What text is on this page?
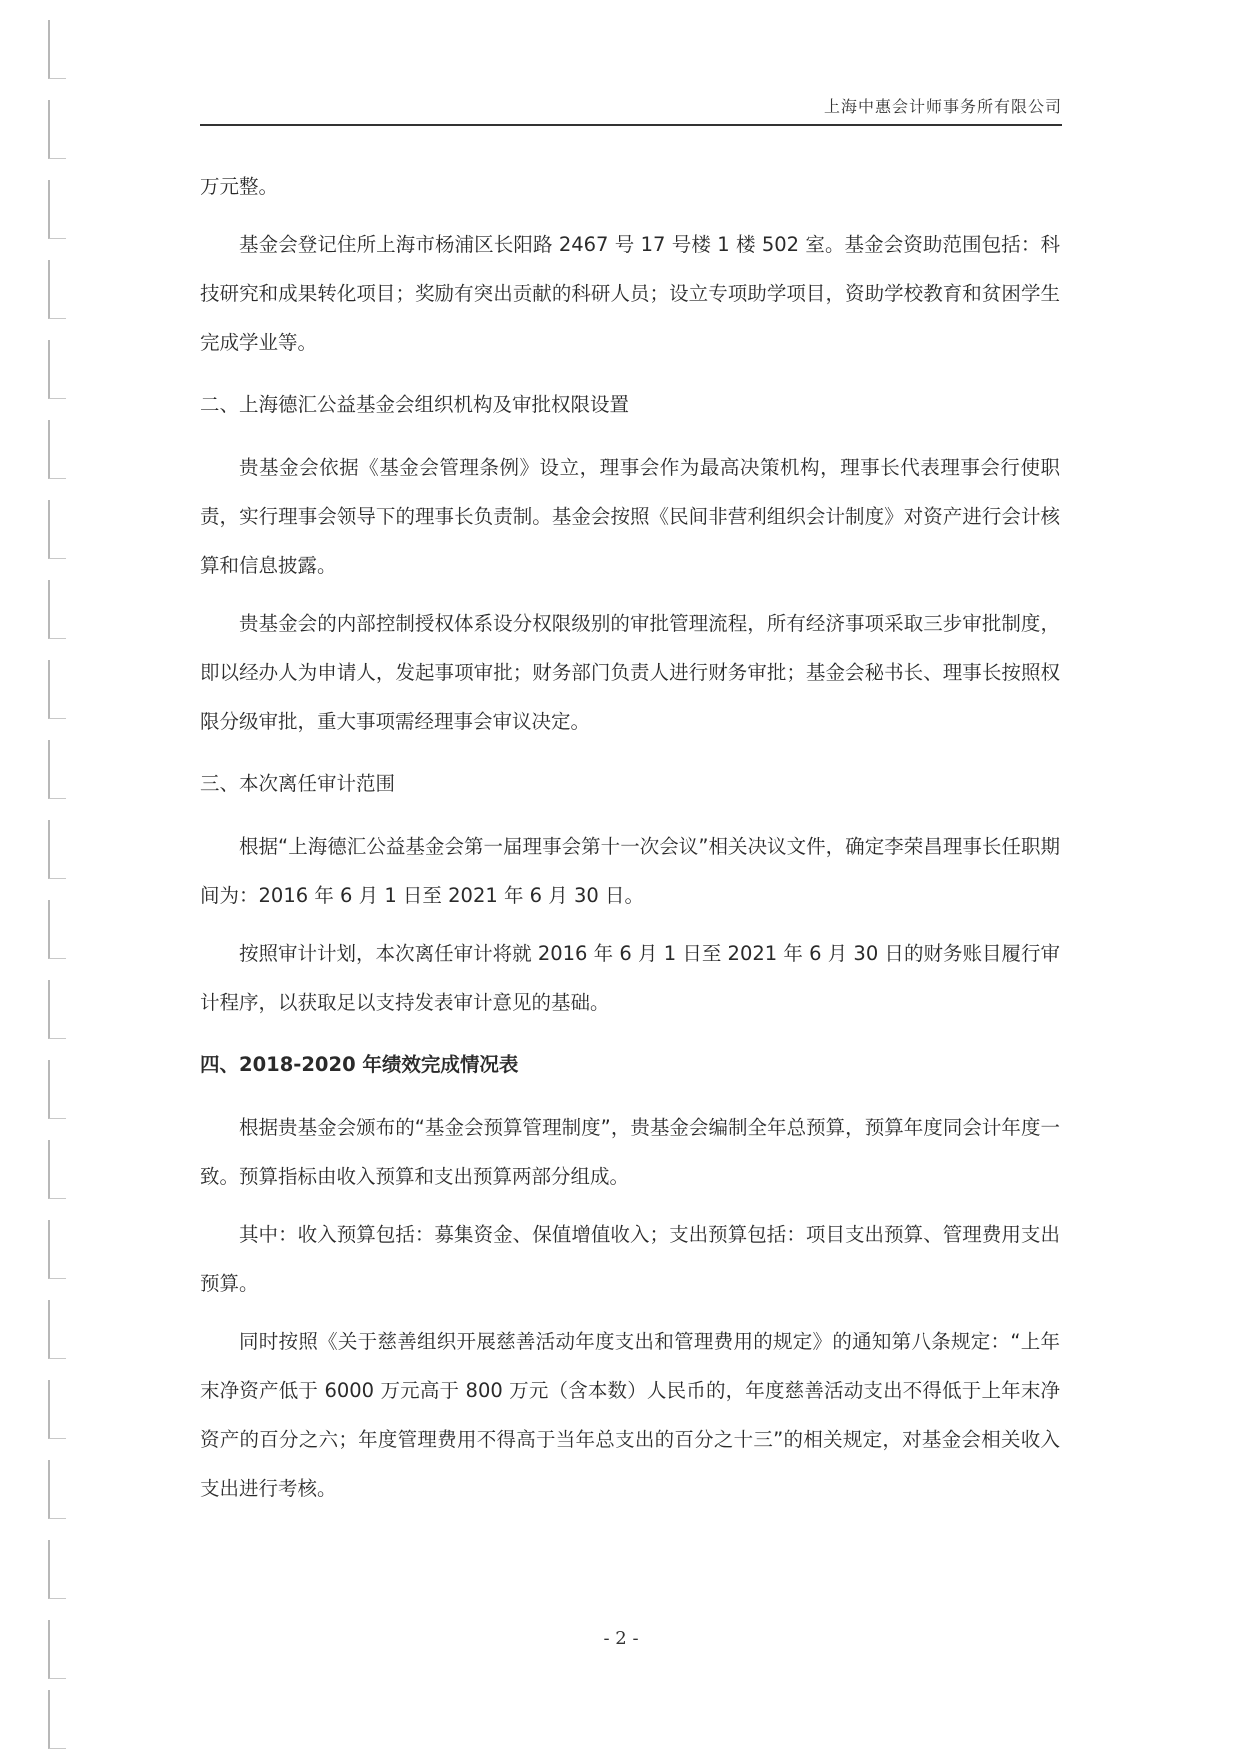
上海中惠会计师事务所有限公司

万元整。

基金会登记住所上海市杨浦区长阳路 2467 号 17 号楼 1 楼 502 室。基金会资助范围包括：科技研究和成果转化项目；奖励有突出贡献的科研人员；设立专项助学项目，资助学校教育和贫困学生完成学业等。

二、上海德汇公益基金会组织机构及审批权限设置

贵基金会依据《基金会管理条例》设立，理事会作为最高决策机构，理事长代表理事会行使职责，实行理事会领导下的理事长负责制。基金会按照《民间非营利组织会计制度》对资产进行会计核算和信息披露。

贵基金会的内部控制授权体系设分权限级别的审批管理流程，所有经济事项采取三步审批制度，即以经办人为申请人，发起事项审批；财务部门负责人进行财务审批；基金会秘书长、理事长按照权限分级审批，重大事项需经理事会审议决定。

三、本次离任审计范围

根据“上海德汇公益基金会第一届理事会第十一次会议”相关决议文件，确定李荣昌理事长任职期间为：2016 年 6 月 1 日至 2021 年 6 月 30 日。

按照审计计划，本次离任审计将就 2016 年 6 月 1 日至 2021 年 6 月 30 日的财务账目履行审计程序，以获取足以支持发表审计意见的基础。

四、2018-2020 年绩效完成情况表

根据贵基金会颁布的“基金会预算管理制度”，贵基金会编制全年总预算，预算年度同会计年度一致。预算指标由收入预算和支出预算两部分组成。

其中：收入预算包括：募集资金、保值增值收入；支出预算包括：项目支出预算、管理费用支出预算。

同时按照《关于慈善组织开展慈善活动年度支出和管理费用的规定》的通知第八条规定：“上年末净资产低于 6000 万元高于 800 万元（含本数）人民币的，年度慈善活动支出不得低于上年末净资产的百分之六；年度管理费用不得高于当年总支出的百分之十三”的相关规定，对基金会相关收入支出进行考核。

- 2 -
